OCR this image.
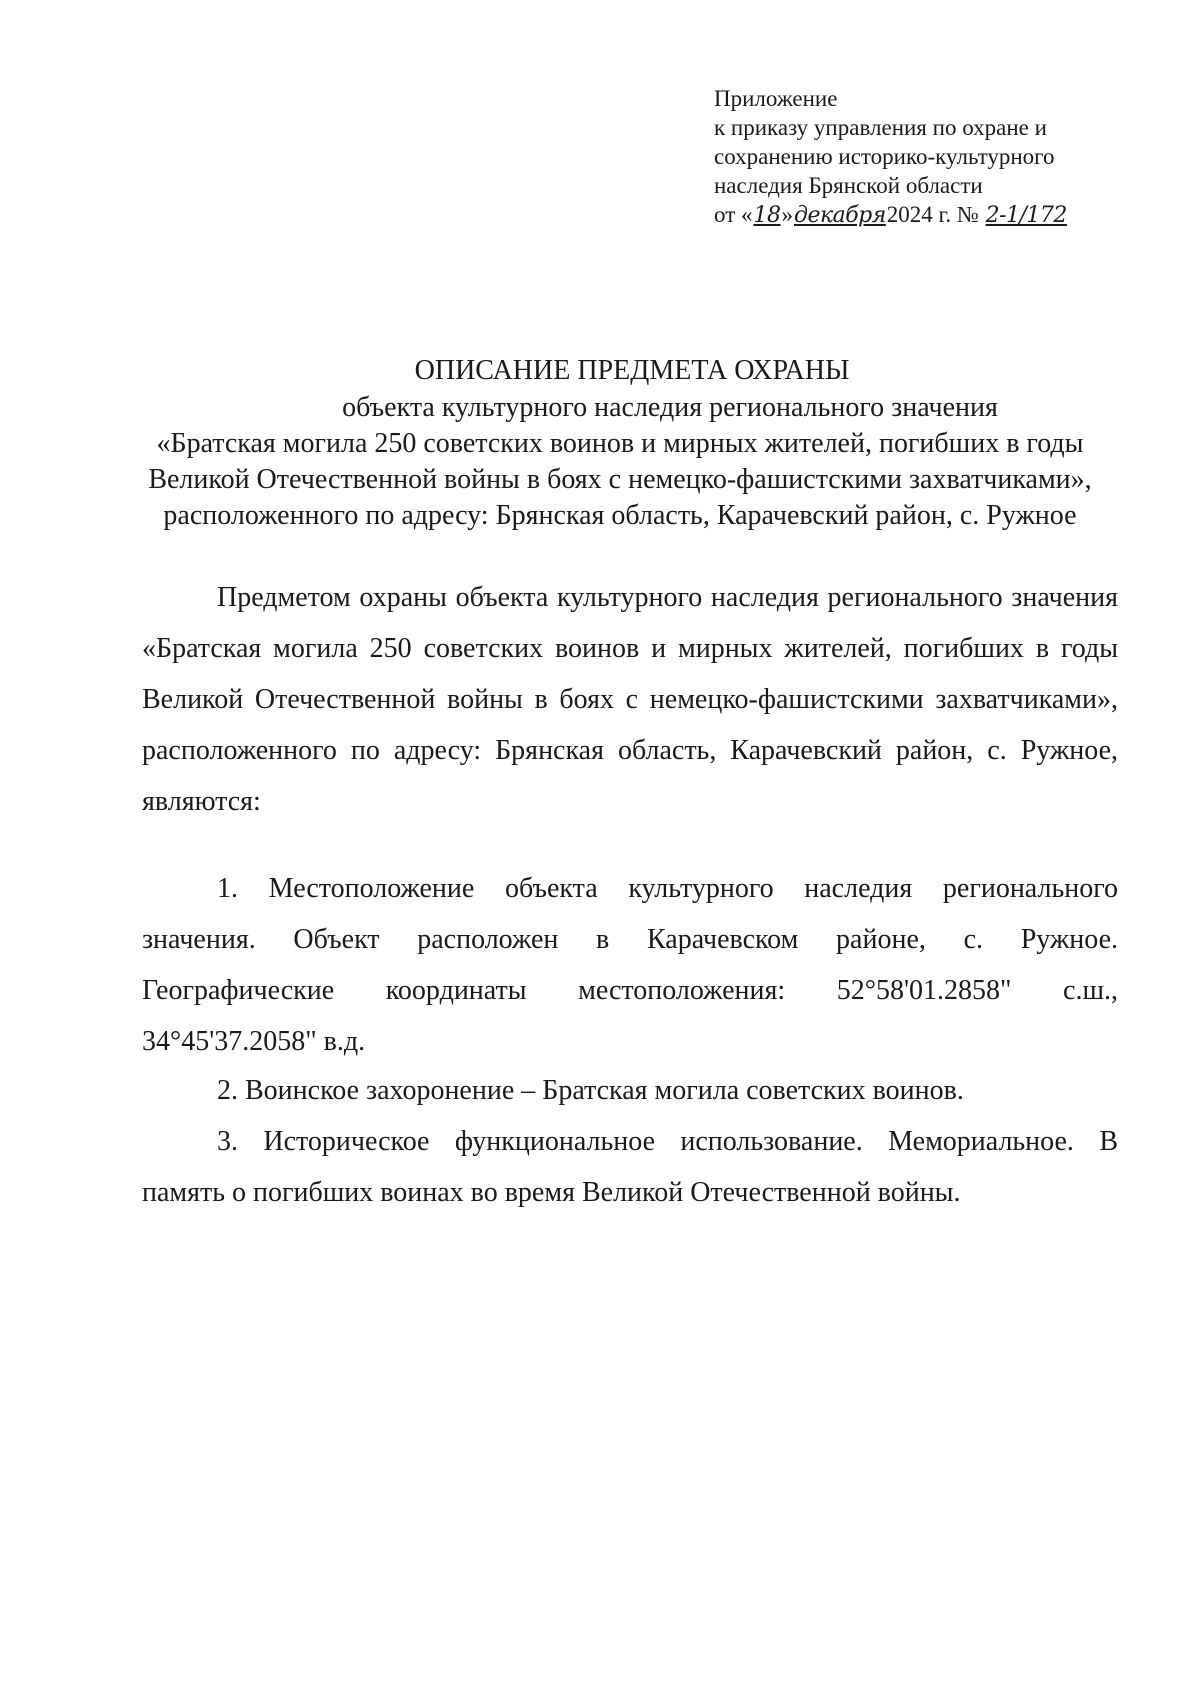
Приложение
к приказу управления по охране и
сохранению историко-культурного
наследия Брянской области
от «18»декабря2024 г. № 2-1/172
ОПИСАНИЕ ПРЕДМЕТА ОХРАНЫ
объекта культурного наследия регионального значения
«Братская могила 250 советских воинов и мирных жителей, погибших в годы
Великой Отечественной войны в боях с немецко-фашистскими захватчиками»,
расположенного по адресу: Брянская область, Карачевский район, с. Ружное
Предметом охраны объекта культурного наследия регионального значения «Братская могила 250 советских воинов и мирных жителей, погибших в годы Великой Отечественной войны в боях с немецко-фашистскими захватчиками», расположенного по адресу: Брянская область, Карачевский район, с. Ружное, являются:
1. Местоположение объекта культурного наследия регионального
значения. Объект расположен в Карачевском районе, с. Ружное.
Географические координаты местоположения: 52°58'01.2858" с.ш.,
34°45'37.2058" в.д.
2. Воинское захоронение – Братская могила советских воинов.
3. Историческое функциональное использование. Мемориальное. В
память о погибших воинах во время Великой Отечественной войны.
